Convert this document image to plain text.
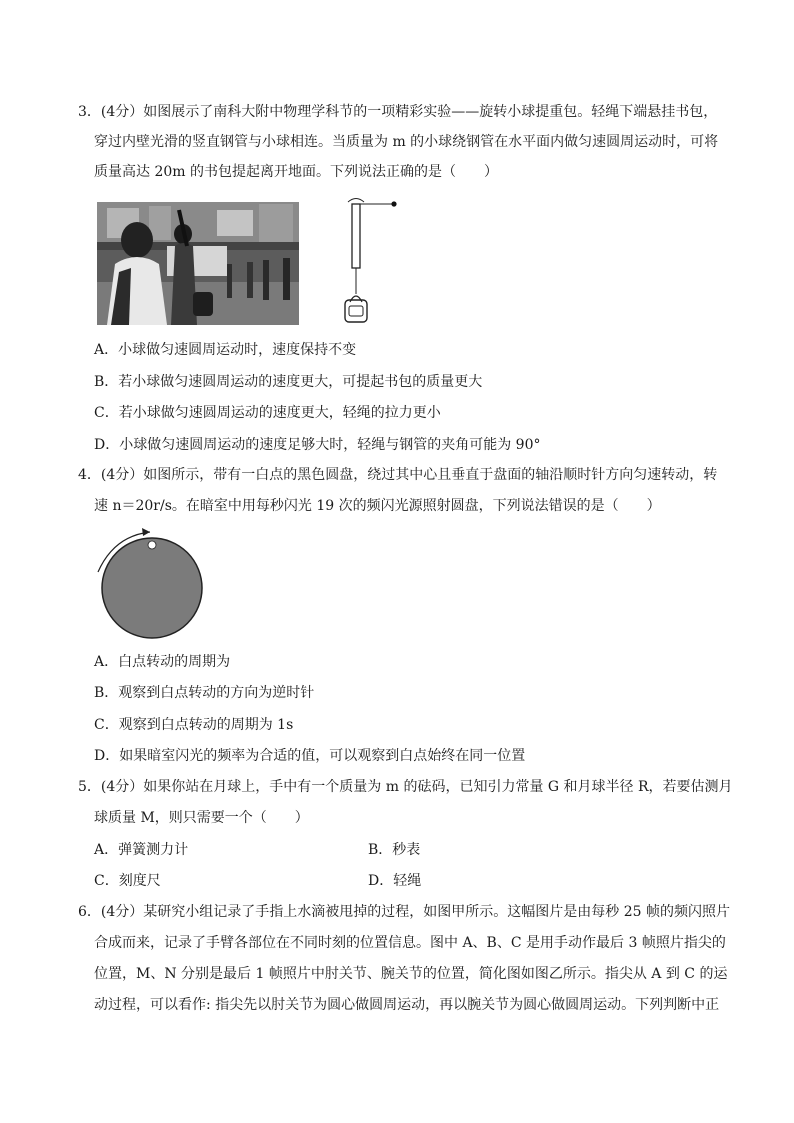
3．(4分）如图展示了南科大附中物理学科节的一项精彩实验——旋转小球提重包。轻绳下端悬挂书包，
穿过内壁光滑的竖直钢管与小球相连。当质量为 m 的小球绕钢管在水平面内做匀速圆周运动时，可将
质量高达 20m 的书包提起离开地面。下列说法正确的是（　　）
A．小球做匀速圆周运动时，速度保持不变
B．若小球做匀速圆周运动的速度更大，可提起书包的质量更大
C．若小球做匀速圆周运动的速度更大，轻绳的拉力更小
D．小球做匀速圆周运动的速度足够大时，轻绳与钢管的夹角可能为 90°
4．(4分）如图所示，带有一白点的黑色圆盘，绕过其中心且垂直于盘面的轴沿顺时针方向匀速转动，转
速 n＝20r/s。在暗室中用每秒闪光 19 次的频闪光源照射圆盘，下列说法错误的是（　　）
A．白点转动的周期为
B．观察到白点转动的方向为逆时针
C．观察到白点转动的周期为 1s
D．如果暗室闪光的频率为合适的值，可以观察到白点始终在同一位置
5．(4分）如果你站在月球上，手中有一个质量为 m 的砝码，已知引力常量 G 和月球半径 R，若要估测月
球质量 M，则只需要一个（　　）
A．弹簧测力计	B．秒表
C．刻度尺	D．轻绳
6．(4分）某研究小组记录了手指上水滴被甩掉的过程，如图甲所示。这幅图片是由每秒 25 帧的频闪照片
合成而来，记录了手臂各部位在不同时刻的位置信息。图中 A、B、C 是用手动作最后 3 帧照片指尖的
位置，M、N 分别是最后 1 帧照片中肘关节、腕关节的位置，简化图如图乙所示。指尖从 A 到 C 的运
动过程，可以看作: 指尖先以肘关节为圆心做圆周运动，再以腕关节为圆心做圆周运动。下列判断中正
